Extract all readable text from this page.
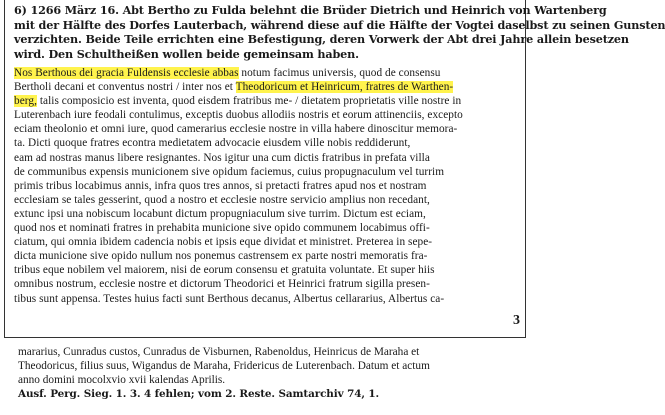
6) 1266 März 16. Abt Bertho zu Fulda belehnt die Brüder Dietrich und Heinrich von Wartenberg
mit der Hälfte des Dorfes Lauterbach, während diese auf die Hälfte der Vogtei daselbst zu seinen Gunsten
verzichten. Beide Teile errichten eine Befestigung, deren Vorwerk der Abt drei Jahre allein besetzen
wird. Den Schultheißen wollen beide gemeinsam haben.
Nos Berthous dei gracia Fuldensis ecclesie abbas notum facimus universis, quod de consensu
Bertholi decani et conventus nostri / inter nos et Theodoricum et Heinricum, fratres de Warthen-
berg, talis composicio est inventa, quod eisdem fratribus me- / dietatem proprietatis ville nostre in
Luterenbach iure feodali contulimus, exceptis duobus allodiis nostris et eorum attinenciis, excepto
eciam theolonio et omni iure, quod camerarius ecclesie nostre in villa habere dinoscitur memora-
ta. Dicti quoque fratres econtra medietatem advocacie eiusdem ville nobis reddiderunt,
eam ad nostras manus libere resignantes. Nos igitur una cum dictis fratribus in prefata villa
de communibus expensis municionem sive opidum faciemus, cuius propugnaculum vel turrim
primis tribus locabimus annis, infra quos tres annos, si pretacti fratres apud nos et nostram
ecclesiam se tales gesserint, quod a nostro et ecclesie nostre servicio amplius non recedant,
extunc ipsi una nobiscum locabunt dictum propugniaculum sive turrim. Dictum est eciam,
quod nos et nominati fratres in prehabita municione sive opido communem locabimus offi-
ciatum, qui omnia ibidem cadencia nobis et ipsis eque dividat et ministret. Preterea in sepe-
dicta municione sive opido nullum nos ponemus castrensem ex parte nostri memoratis fra-
tribus eque nobilem vel maiorem, nisi de eorum consensu et gratuita voluntate. Et super hiis
omnibus nostrum, ecclesie nostre et dictorum Theodorici et Heinrici fratrum sigilla presen-
tibus sunt appensa. Testes huius facti sunt Berthous decanus, Albertus cellararius, Albertus ca-
3
mararius, Cunradus custos, Cunradus de Visburnen, Rabenoldus, Heinricus de Maraha et
Theodoricus, filius suus, Wigandus de Maraha, Fridericus de Luterenbach. Datum et actum
anno domini mocolxvio xvii kalendas Aprilis.
Ausf. Perg. Sieg. 1. 3. 4 fehlen; vom 2. Reste. Samtarchiv 74, 1.
